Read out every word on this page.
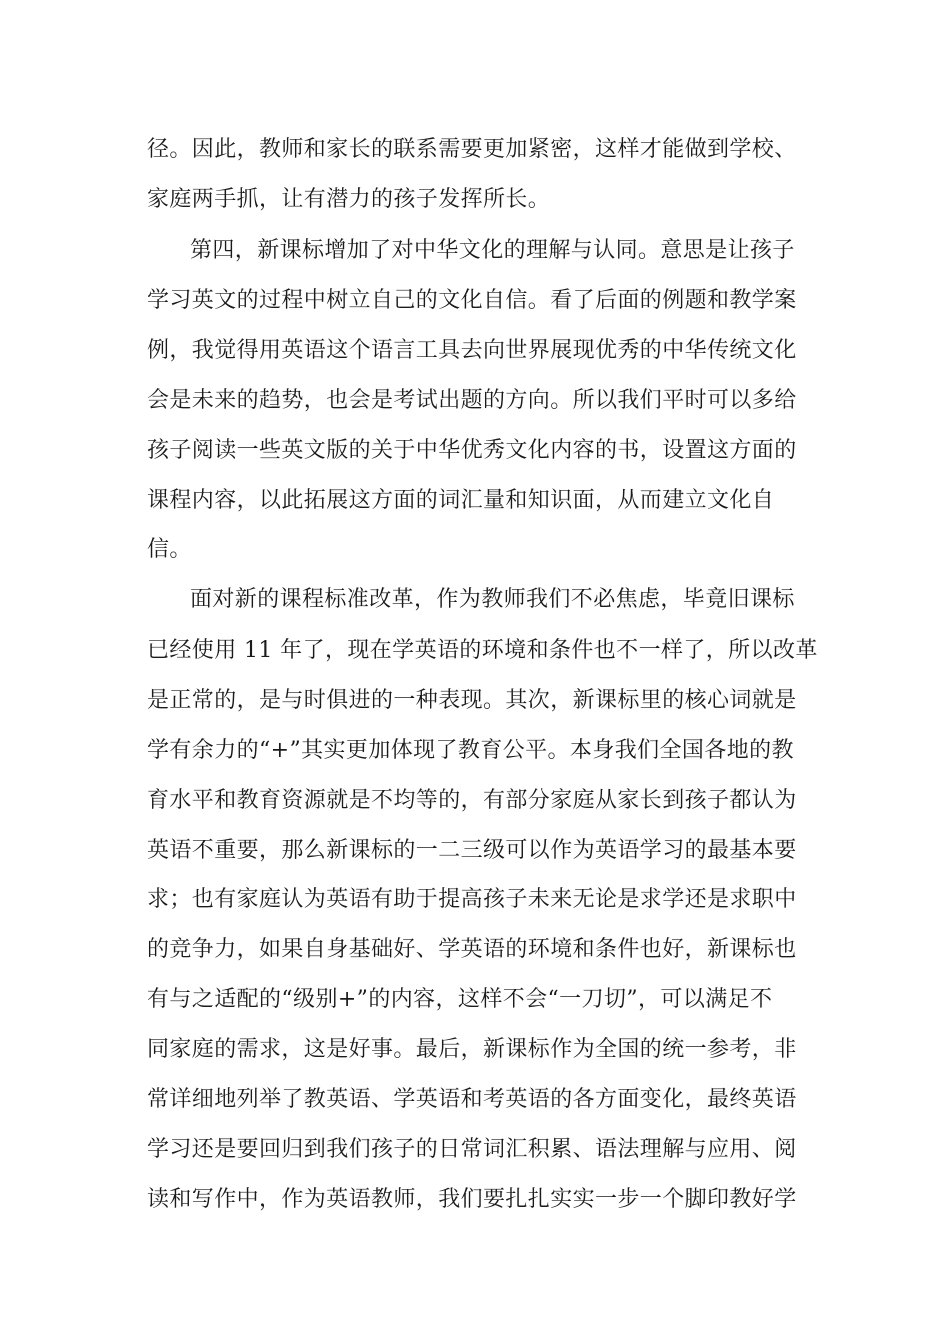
径。因此，教师和家长的联系需要更加紧密，这样才能做到学校、
家庭两手抓，让有潜力的孩子发挥所长。
第四，新课标增加了对中华文化的理解与认同。意思是让孩子
学习英文的过程中树立自己的文化自信。看了后面的例题和教学案
例，我觉得用英语这个语言工具去向世界展现优秀的中华传统文化
会是未来的趋势，也会是考试出题的方向。所以我们平时可以多给
孩子阅读一些英文版的关于中华优秀文化内容的书，设置这方面的
课程内容，以此拓展这方面的词汇量和知识面，从而建立文化自
信。
面对新的课程标准改革，作为教师我们不必焦虑，毕竟旧课标
已经使用 11 年了，现在学英语的环境和条件也不一样了，所以改革
是正常的，是与时俱进的一种表现。其次，新课标里的核心词就是
学有余力的“+”其实更加体现了教育公平。本身我们全国各地的教
育水平和教育资源就是不均等的，有部分家庭从家长到孩子都认为
英语不重要，那么新课标的一二三级可以作为英语学习的最基本要
求；也有家庭认为英语有助于提高孩子未来无论是求学还是求职中
的竞争力，如果自身基础好、学英语的环境和条件也好，新课标也
有与之适配的“级别+”的内容，这样不会“一刀切”，可以满足不
同家庭的需求，这是好事。最后，新课标作为全国的统一参考，非
常详细地列举了教英语、学英语和考英语的各方面变化，最终英语
学习还是要回归到我们孩子的日常词汇积累、语法理解与应用、阅
读和写作中，作为英语教师，我们要扎扎实实一步一个脚印教好学
